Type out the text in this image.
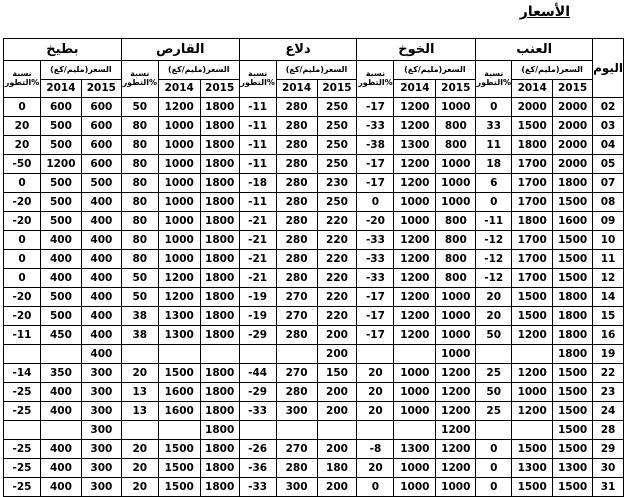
الأسعار
بطيخ			القارص			دلاع			الخوخ			العنب			اليوم
نسبة التطور%	السعر(مليم/كغ)		نسبة التطور%	السعر(مليم/كغ)		نسبة التطور%	السعر(مليم/كغ)		نسبة التطور%	السعر(مليم/كغ)		نسبة التطور%	السعر(مليم/كغ)		
	2014	2015		2014	2015		2014	2015		2014	2015		2014	2015	
0	600	600	50	1200	1800	-11	280	250	-17	1200	1000	0	2000	2000	02
20	500	600	80	1000	1800	-11	280	250	-33	1200	800	33	1500	2000	03
20	500	600	80	1000	1800	-11	280	250	-38	1300	800	11	1800	2000	04
-50	1200	600	80	1000	1800	-11	280	250	-17	1200	1000	18	1700	2000	05
0	500	500	80	1000	1800	-18	280	230	-17	1200	1000	6	1700	1800	07
-20	500	400	80	1000	1800	-11	280	250	0	1000	1000	0	1700	1500	08
-20	500	400	80	1000	1800	-21	280	220	-20	1000	800	-11	1800	1600	09
0	400	400	80	1000	1800	-21	280	220	-33	1200	800	-12	1700	1500	10
0	400	400	80	1000	1800	-21	280	220	-33	1200	800	-12	1700	1500	11
0	400	400	50	1200	1800	-21	280	220	-33	1200	800	-12	1700	1500	12
-20	500	400	50	1200	1800	-19	270	220	-17	1200	1000	20	1500	1800	14
-20	500	400	38	1300	1800	-19	270	220	-17	1200	1000	20	1500	1800	15
-11	450	400	38	1300	1800	-29	280	200	-17	1200	1000	50	1200	1800	16
		400						200			1000			1800	19
-14	350	300	20	1500	1800	-44	270	150	20	1000	1200	25	1200	1500	22
-25	400	300	13	1600	1800	-29	280	200	20	1000	1200	50	1000	1500	23
-25	400	300	13	1600	1800	-33	300	200	20	1000	1200	25	1200	1500	24
		300			1800						1200			1500	28
-25	400	300	20	1500	1800	-26	270	200	-8	1300	1200	0	1500	1500	29
-25	400	300	20	1500	1800	-36	280	180	20	1000	1200	0	1300	1300	30
-25	400	300	20	1500	1800	-33	300	200	0	1000	1000	0	1500	1500	31
